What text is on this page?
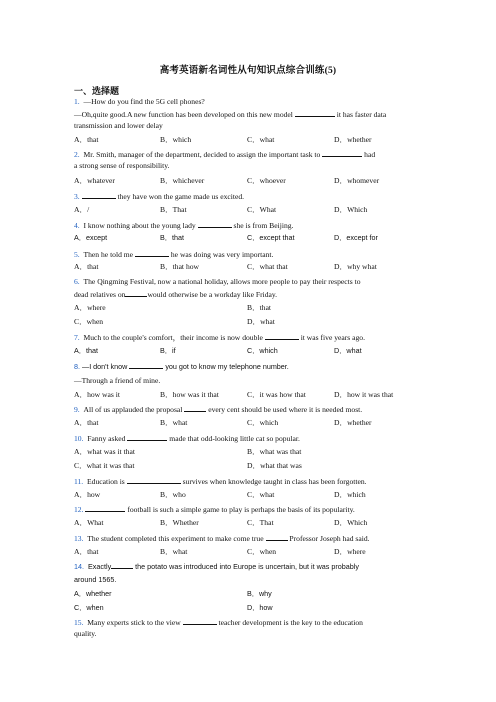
高考英语新名词性从句知识点综合训练(5)
一、选择题
1. —How do you find the 5G cell phones?
—Oh,quite good.A new function has been developed on this new model	it has faster data
transmission and lower delay
A．that	B．which	C．what	D．whether
2. Mr. Smith, manager of the department, decided to assign the important task to	had
a strong sense of responsibility.
A．whatever	B．whichever	C．whoever	D．whomever
3.	they have won the game made us excited.
A．/	B．That	C．What	D．Which
4. I know nothing about the young lady	she is from Beijing.
A．except	B．that	C．except that	D．except for
5. Then he told me	he was doing was very important.
A．that	B．that how	C．what that	D．why what
6. The Qingming Festival, now a national holiday, allows more people to pay their respects to
dead relatives on	would otherwise be a workday like Friday.
A．where	B．that
C．when	D．what
7. Much to the couple's comfort，their income is now double	it was five years ago.
A．that	B．if	C．which	D．what
8. —I don't know	you got to know my telephone number.
—Through a friend of mine.
A．how was it	B．how was it that	C．it was how that	D．how it was that
9. All of us applauded the proposal	every cent should be used where it is needed most.
A．that	B．what	C．which	D．whether
10. Fanny asked	made that odd-looking little cat so popular.
A．what was it that	B．what was that
C．what it was that	D．what that was
11. Education is	survives when knowledge taught in class has been forgotten.
A．how	B．who	C．what	D．which
12.	football is such a simple game to play is perhaps the basis of its popularity.
A．What	B．Whether	C．That	D．Which
13. The student completed this experiment to make come true	Professor Joseph had said.
A．that	B．what	C．when	D．where
14. Exactly	the potato was introduced into Europe is uncertain, but it was probably
around 1565.
A．whether	B．why
C．when	D．how
15. Many experts stick to the view	teacher development is the key to the education
quality.
